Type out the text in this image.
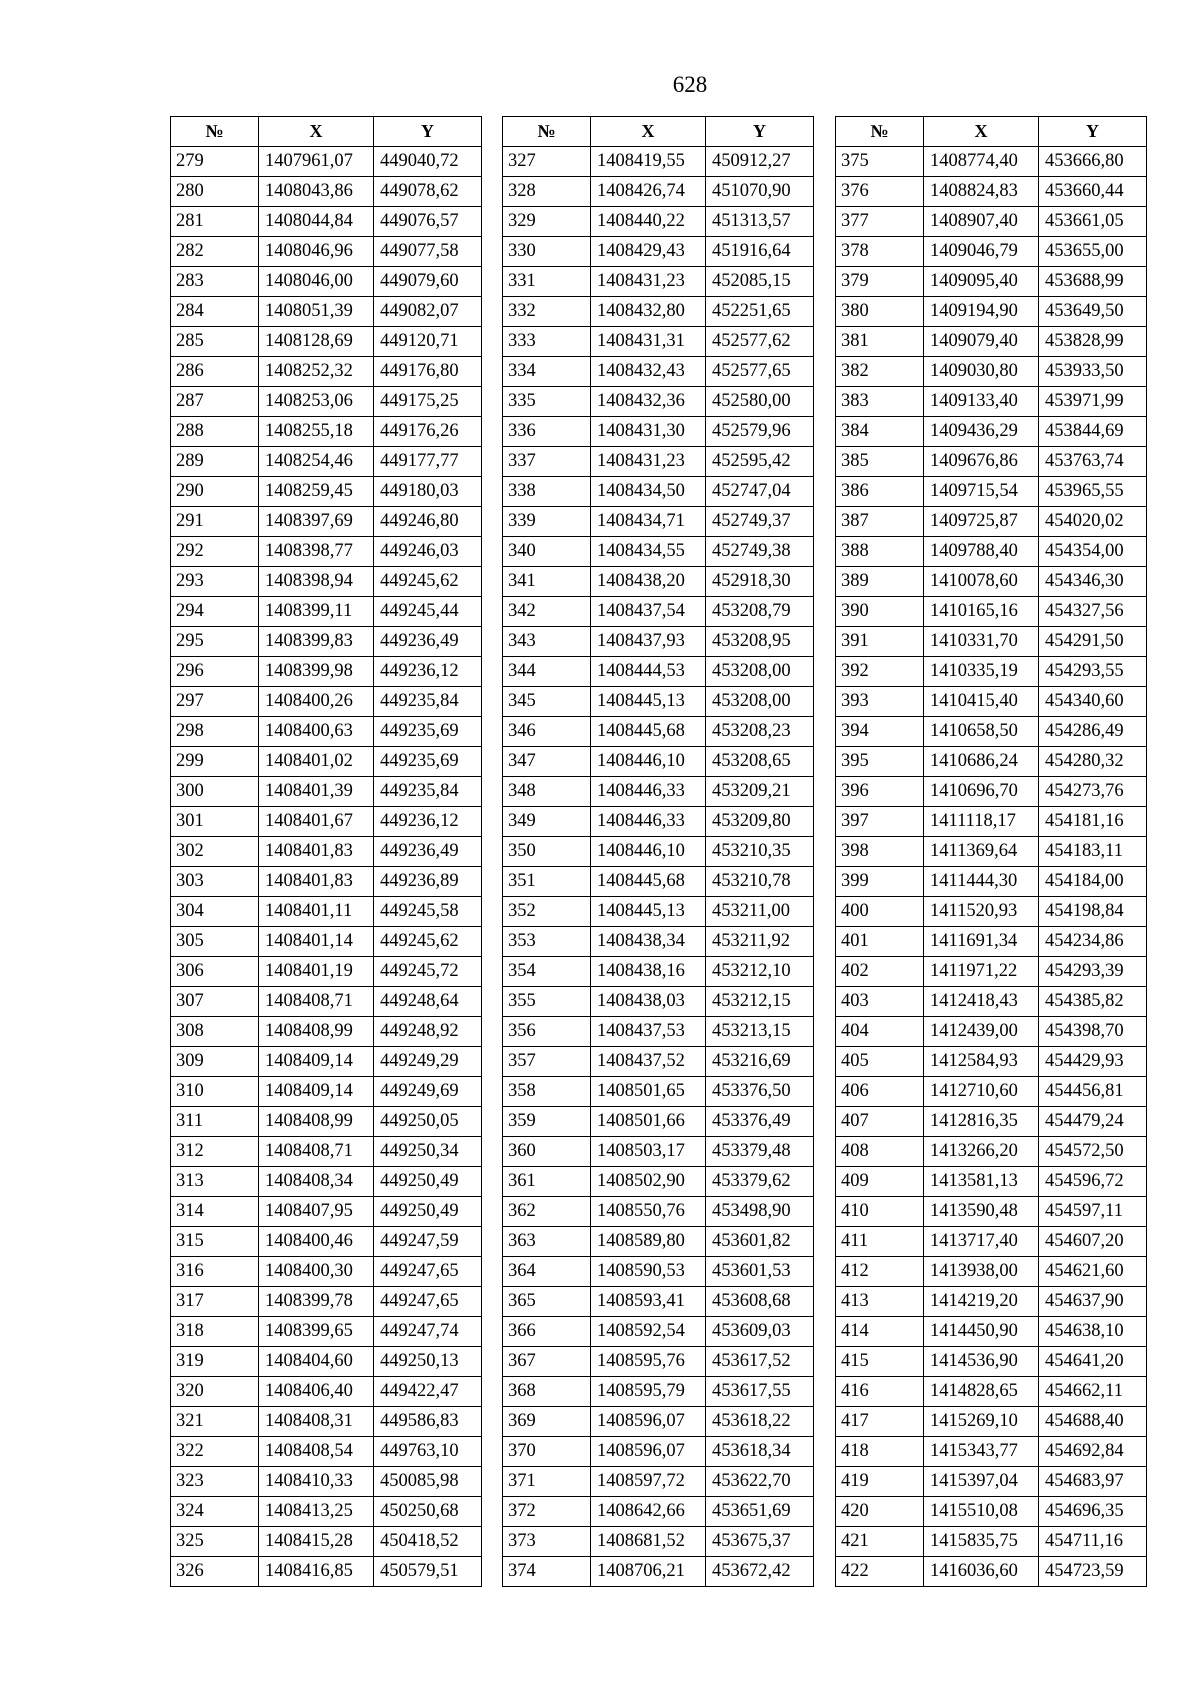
628
№	X	Y
279	1407961,07	449040,72
280	1408043,86	449078,62
281	1408044,84	449076,57
282	1408046,96	449077,58
283	1408046,00	449079,60
284	1408051,39	449082,07
285	1408128,69	449120,71
286	1408252,32	449176,80
287	1408253,06	449175,25
288	1408255,18	449176,26
289	1408254,46	449177,77
290	1408259,45	449180,03
291	1408397,69	449246,80
292	1408398,77	449246,03
293	1408398,94	449245,62
294	1408399,11	449245,44
295	1408399,83	449236,49
296	1408399,98	449236,12
297	1408400,26	449235,84
298	1408400,63	449235,69
299	1408401,02	449235,69
300	1408401,39	449235,84
301	1408401,67	449236,12
302	1408401,83	449236,49
303	1408401,83	449236,89
304	1408401,11	449245,58
305	1408401,14	449245,62
306	1408401,19	449245,72
307	1408408,71	449248,64
308	1408408,99	449248,92
309	1408409,14	449249,29
310	1408409,14	449249,69
311	1408408,99	449250,05
312	1408408,71	449250,34
313	1408408,34	449250,49
314	1408407,95	449250,49
315	1408400,46	449247,59
316	1408400,30	449247,65
317	1408399,78	449247,65
318	1408399,65	449247,74
319	1408404,60	449250,13
320	1408406,40	449422,47
321	1408408,31	449586,83
322	1408408,54	449763,10
323	1408410,33	450085,98
324	1408413,25	450250,68
325	1408415,28	450418,52
326	1408416,85	450579,51
№	X	Y
327	1408419,55	450912,27
328	1408426,74	451070,90
329	1408440,22	451313,57
330	1408429,43	451916,64
331	1408431,23	452085,15
332	1408432,80	452251,65
333	1408431,31	452577,62
334	1408432,43	452577,65
335	1408432,36	452580,00
336	1408431,30	452579,96
337	1408431,23	452595,42
338	1408434,50	452747,04
339	1408434,71	452749,37
340	1408434,55	452749,38
341	1408438,20	452918,30
342	1408437,54	453208,79
343	1408437,93	453208,95
344	1408444,53	453208,00
345	1408445,13	453208,00
346	1408445,68	453208,23
347	1408446,10	453208,65
348	1408446,33	453209,21
349	1408446,33	453209,80
350	1408446,10	453210,35
351	1408445,68	453210,78
352	1408445,13	453211,00
353	1408438,34	453211,92
354	1408438,16	453212,10
355	1408438,03	453212,15
356	1408437,53	453213,15
357	1408437,52	453216,69
358	1408501,65	453376,50
359	1408501,66	453376,49
360	1408503,17	453379,48
361	1408502,90	453379,62
362	1408550,76	453498,90
363	1408589,80	453601,82
364	1408590,53	453601,53
365	1408593,41	453608,68
366	1408592,54	453609,03
367	1408595,76	453617,52
368	1408595,79	453617,55
369	1408596,07	453618,22
370	1408596,07	453618,34
371	1408597,72	453622,70
372	1408642,66	453651,69
373	1408681,52	453675,37
374	1408706,21	453672,42
№	X	Y
375	1408774,40	453666,80
376	1408824,83	453660,44
377	1408907,40	453661,05
378	1409046,79	453655,00
379	1409095,40	453688,99
380	1409194,90	453649,50
381	1409079,40	453828,99
382	1409030,80	453933,50
383	1409133,40	453971,99
384	1409436,29	453844,69
385	1409676,86	453763,74
386	1409715,54	453965,55
387	1409725,87	454020,02
388	1409788,40	454354,00
389	1410078,60	454346,30
390	1410165,16	454327,56
391	1410331,70	454291,50
392	1410335,19	454293,55
393	1410415,40	454340,60
394	1410658,50	454286,49
395	1410686,24	454280,32
396	1410696,70	454273,76
397	1411118,17	454181,16
398	1411369,64	454183,11
399	1411444,30	454184,00
400	1411520,93	454198,84
401	1411691,34	454234,86
402	1411971,22	454293,39
403	1412418,43	454385,82
404	1412439,00	454398,70
405	1412584,93	454429,93
406	1412710,60	454456,81
407	1412816,35	454479,24
408	1413266,20	454572,50
409	1413581,13	454596,72
410	1413590,48	454597,11
411	1413717,40	454607,20
412	1413938,00	454621,60
413	1414219,20	454637,90
414	1414450,90	454638,10
415	1414536,90	454641,20
416	1414828,65	454662,11
417	1415269,10	454688,40
418	1415343,77	454692,84
419	1415397,04	454683,97
420	1415510,08	454696,35
421	1415835,75	454711,16
422	1416036,60	454723,59
